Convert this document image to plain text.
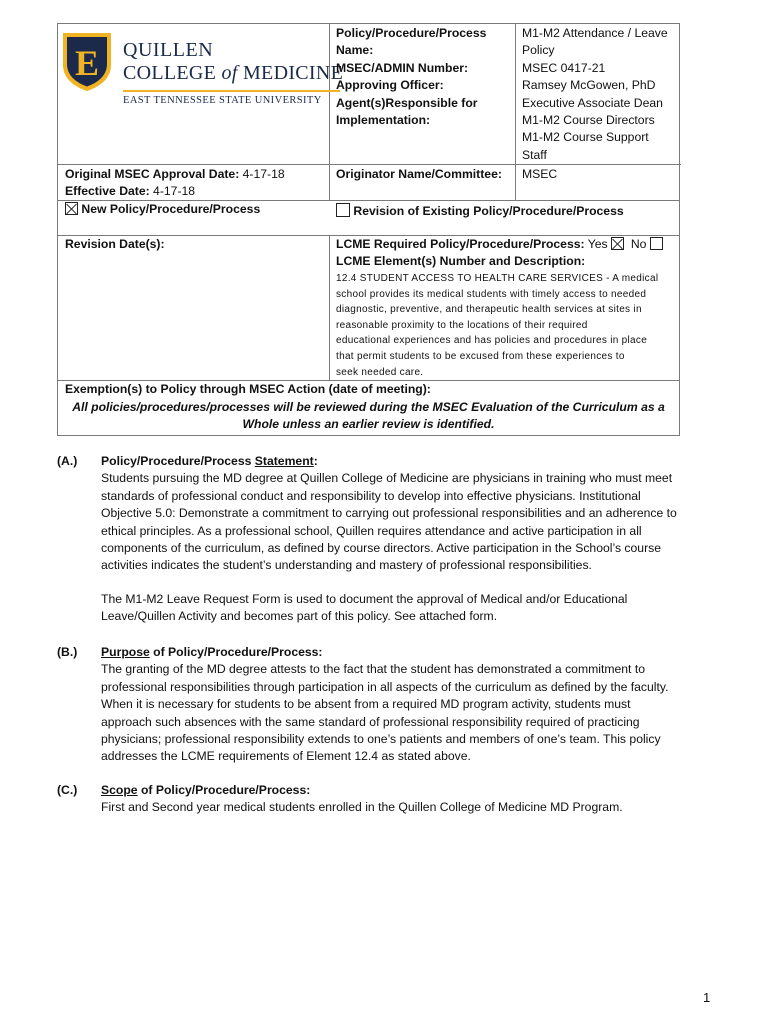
E QUILLEN
COLLEGE of MEDICINE
EAST TENNESSEE STATE UNIVERSITY
Policy/Procedure/Process Name:
MSEC/ADMIN Number:
Approving Officer:
Agent(s)Responsible for Implementation:
Originator Name/Committee:
M1-M2 Attendance / Leave Policy
MSEC 0417-21
Ramsey McGowen, PhD
Executive Associate Dean
M1-M2 Course Directors
M1-M2 Course Support
Staff
MSEC
Original MSEC Approval Date: 4-17-18
Effective Date: 4-17-18
New Policy/Procedure/Process	Revision of Existing Policy/Procedure/Process
Revision Date(s):	LCME Required Policy/Procedure/Process: Yes No
LCME Element(s) Number and Description:
12.4 STUDENT ACCESS TO HEALTH CARE SERVICES - A medical
school provides its medical students with timely access to needed
diagnostic, preventive, and therapeutic health services at sites in
reasonable proximity to the locations of their required
educational experiences and has policies and procedures in place
that permit students to be excused from these experiences to
seek needed care.
Exemption(s) to Policy through MSEC Action (date of meeting):
All policies/procedures/processes will be reviewed during the MSEC Evaluation of the Curriculum as a
Whole unless an earlier review is identified.
(A.) Policy/Procedure/Process Statement:
Students pursuing the MD degree at Quillen College of Medicine are physicians in training who must meet
standards of professional conduct and responsibility to develop into effective physicians. Institutional
Objective 5.0: Demonstrate a commitment to carrying out professional responsibilities and an adherence to
ethical principles. As a professional school, Quillen requires attendance and active participation in all
components of the curriculum, as defined by course directors. Active participation in the School’s course
activities indicates the student’s understanding and mastery of professional responsibilities.
The M1-M2 Leave Request Form is used to document the approval of Medical and/or Educational
Leave/Quillen Activity and becomes part of this policy. See attached form.
(B.) Purpose of Policy/Procedure/Process:
The granting of the MD degree attests to the fact that the student has demonstrated a commitment to
professional responsibilities through participation in all aspects of the curriculum as defined by the faculty.
When it is necessary for students to be absent from a required MD program activity, students must
approach such absences with the same standard of professional responsibility required of practicing
physicians; professional responsibility extends to one’s patients and members of one’s team. This policy
addresses the LCME requirements of Element 12.4 as stated above.
(C.) Scope of Policy/Procedure/Process:
First and Second year medical students enrolled in the Quillen College of Medicine MD Program.
1
